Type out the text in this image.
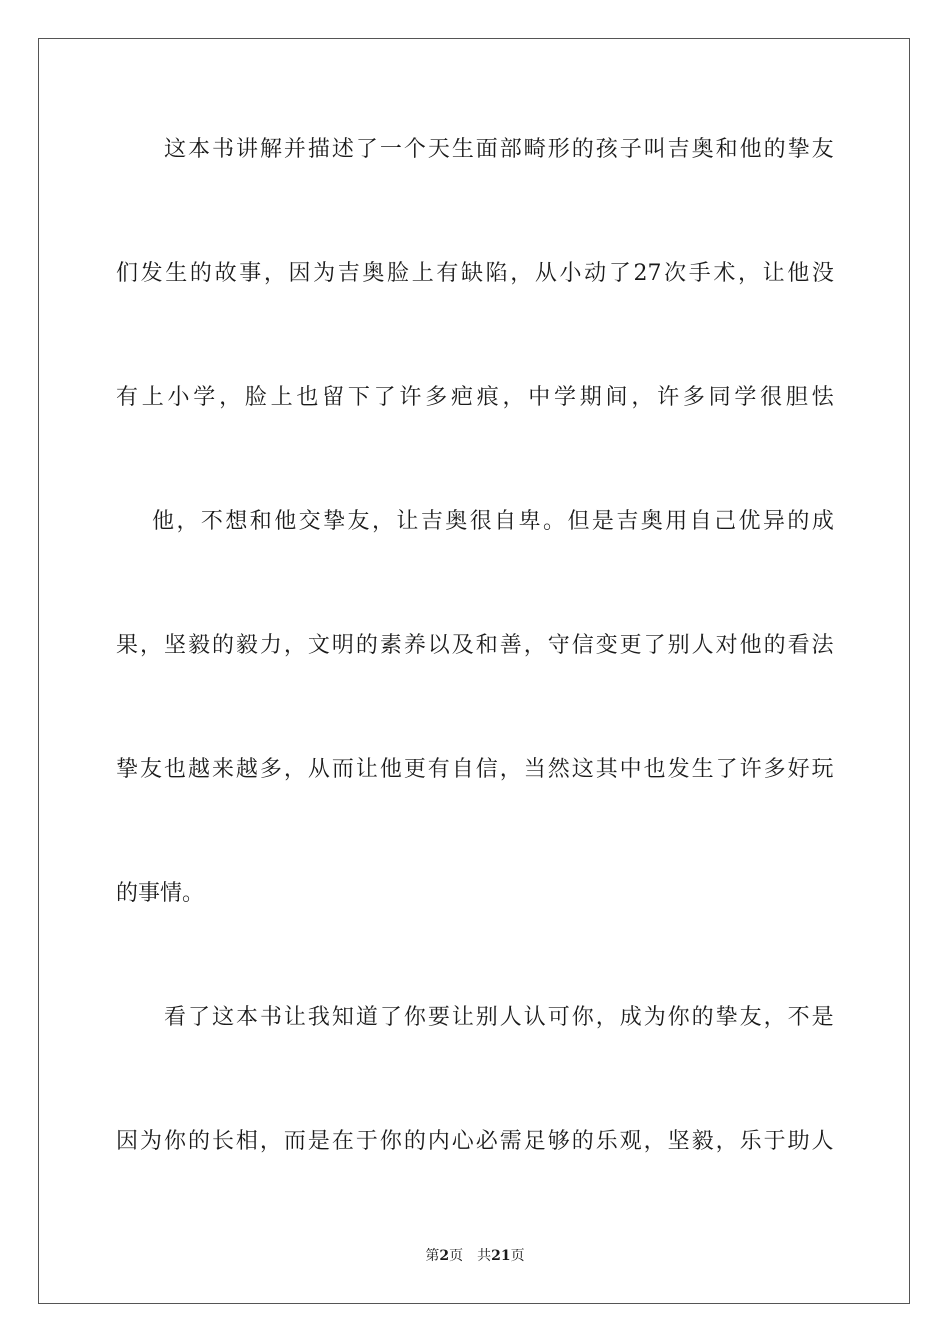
这 本 书 讲 解 并 描 述 了 一 个 天 生 面 部 畸 形 的 孩 子 叫 吉 奥 和 他 的 挚 友
们 发 生 的 故 事 ， 因 为 吉 奥 脸 上 有 缺 陷 ， 从 小 动 了 27 次 手 术 ， 让 他 没
有 上 小 学 ， 脸 上 也 留 下 了 许 多 疤 痕 ， 中 学 期 间 ， 许 多 同 学 很 胆 怯
他 ， 不 想 和 他 交 挚 友 ， 让 吉 奥 很 自 卑 。 但 是 吉 奥 用 自 己 优 异 的 成
果 ， 坚 毅 的 毅 力 ， 文 明 的 素 养 以 及 和 善 ， 守 信 变 更 了 别 人 对 他 的 看 法
挚 友 也 越 来 越 多 ， 从 而 让 他 更 有 自 信 ， 当 然 这 其 中 也 发 生 了 许 多 好 玩
的事情。
看 了 这 本 书 让 我 知 道 了 你 要 让 别 人 认 可 你 ， 成 为 你 的 挚 友 ， 不 是
因 为 你 的 长 相 ， 而 是 在 于 你 的 内 心 必 需 足 够 的 乐 观 ， 坚 毅 ， 乐 于 助 人
第2页　共21页
